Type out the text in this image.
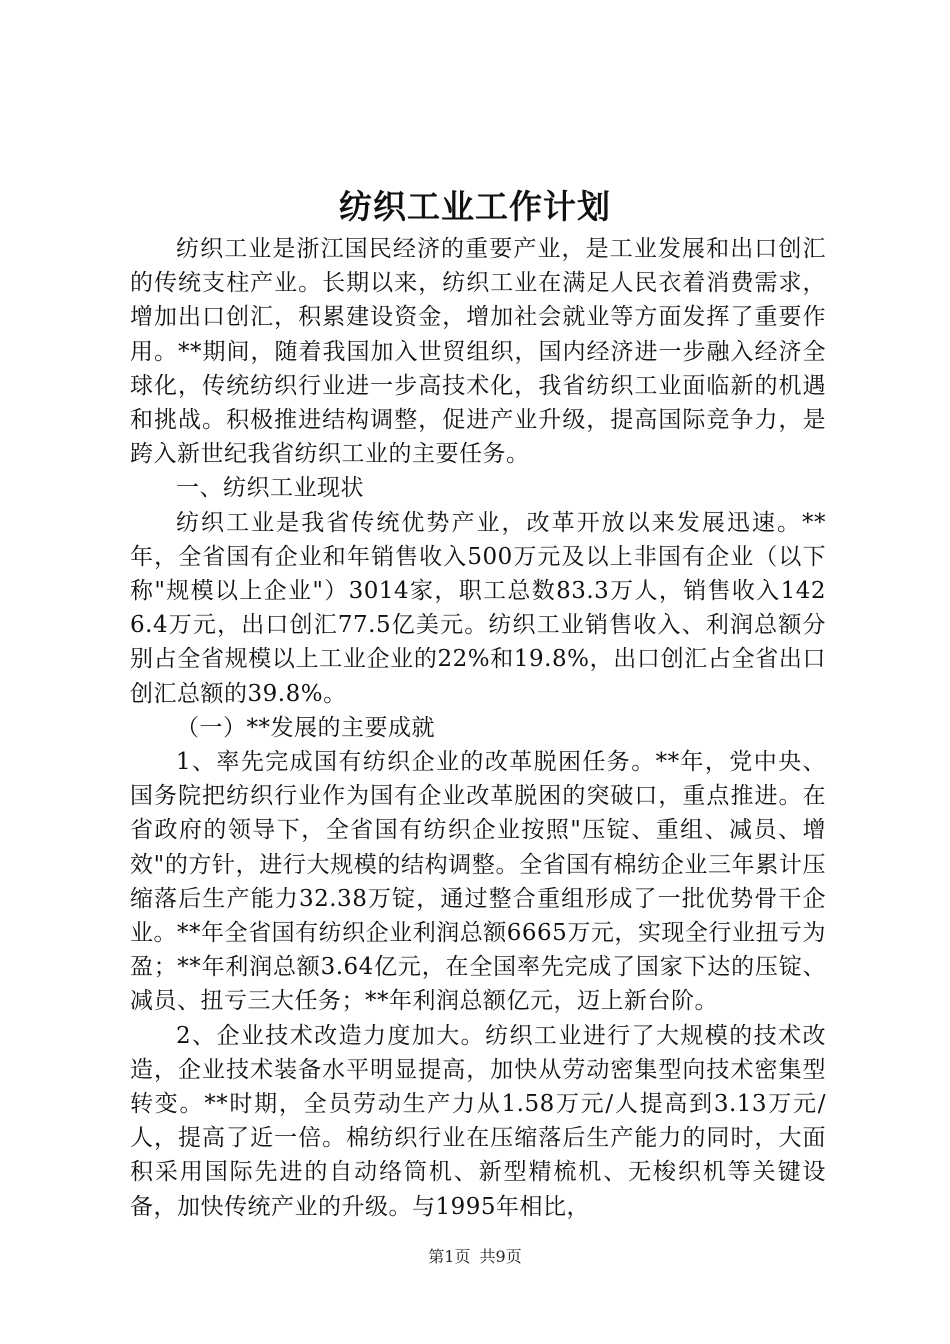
纺织工业工作计划

纺织工业是浙江国民经济的重要产业，是工业发展和出口创汇的传统支柱产业。长期以来，纺织工业在满足人民衣着消费需求，增加出口创汇，积累建设资金，增加社会就业等方面发挥了重要作用。**期间，随着我国加入世贸组织，国内经济进一步融入经济全球化，传统纺织行业进一步高技术化，我省纺织工业面临新的机遇和挑战。积极推进结构调整，促进产业升级，提高国际竞争力，是跨入新世纪我省纺织工业的主要任务。

一、纺织工业现状

纺织工业是我省传统优势产业，改革开放以来发展迅速。**年，全省国有企业和年销售收入500万元及以上非国有企业（以下称"规模以上企业"）3014家，职工总数83.3万人，销售收入1426.4万元，出口创汇77.5亿美元。纺织工业销售收入、利润总额分别占全省规模以上工业企业的22%和19.8%，出口创汇占全省出口创汇总额的39.8%。

（一）**发展的主要成就

1、率先完成国有纺织企业的改革脱困任务。**年，党中央、国务院把纺织行业作为国有企业改革脱困的突破口，重点推进。在省政府的领导下，全省国有纺织企业按照"压锭、重组、减员、增效"的方针，进行大规模的结构调整。全省国有棉纺企业三年累计压缩落后生产能力32.38万锭，通过整合重组形成了一批优势骨干企业。**年全省国有纺织企业利润总额6665万元，实现全行业扭亏为盈；**年利润总额3.64亿元，在全国率先完成了国家下达的压锭、减员、扭亏三大任务；**年利润总额亿元，迈上新台阶。

2、企业技术改造力度加大。纺织工业进行了大规模的技术改造，企业技术装备水平明显提高，加快从劳动密集型向技术密集型转变。**时期，全员劳动生产力从1.58万元/人提高到3.13万元/人，提高了近一倍。棉纺织行业在压缩落后生产能力的同时，大面积采用国际先进的自动络筒机、新型精梳机、无梭织机等关键设备，加快传统产业的升级。与1995年相比，

第1页 共9页
